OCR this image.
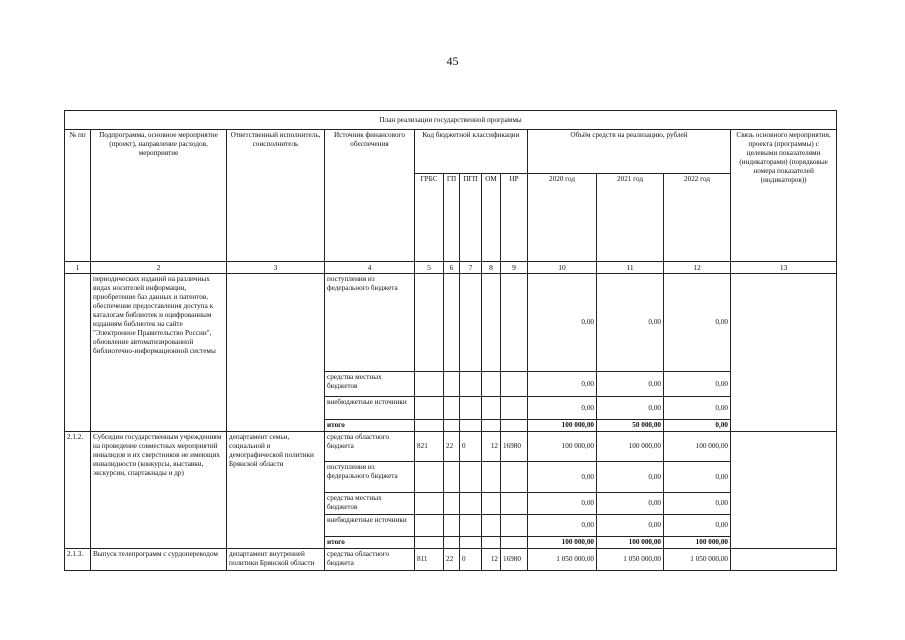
45
План реализации государственной программы												
№ пп	Подпрограмма, основное мероприятие (проект), направление расходов, мероприятие	Ответственный исполнитель, соисполнитель	Источник финансового обеспечения	Код бюджетной классификации					Объём средств на реализацию, рублей			Связь основного мероприятия, проекта (программы) с целевыми показателями (индикаторами) (порядковые номера показателей (индикаторов))
				ГРБС	ГП	ПГП	ОМ	НР	2020 год	2021 год	2022 год	
1	2	3	4	5	6	7	8	9	10	11	12	13
	периодических изданий на различных видах носителей информации, приобретение баз данных и патентов, обеспечение предоставления доступа к каталогам библиотек и оцифрованным изданиям библиотек на сайте "Электронное Правительство России", обновление автоматизированной библиотечно-информационной системы		поступления из федерального бюджета						0,00	0,00	0,00	
			средства местных бюджетов						0,00	0,00	0,00	
			внебюджетные источники						0,00	0,00	0,00	
			итого						100 000,00	50 000,00	0,00	
2.1.2.	Субсидии государственным учреждениям на проведение совместных мероприятий инвалидов и их сверстников не имеющих инвалидности (конкурсы, выставки, экскурсии, спартакиады и др)	департамент семьи, социальной и демографической политики Брянской области	средства областного бюджета	821	22	0	12	16980	100 000,00	100 000,00	100 000,00	
			поступления из федерального бюджета						0,00	0,00	0,00	
			средства местных бюджетов						0,00	0,00	0,00	
			внебюджетные источники						0,00	0,00	0,00	
			итого						100 000,00	100 000,00	100 000,00	
2.1.3.	Выпуск телепрограмм с сурдопереводом	департамент внутренней политики Брянской области	средства областного бюджета	811	22	0	12	16980	1 050 000,00	1 050 000,00	1 050 000,00	
